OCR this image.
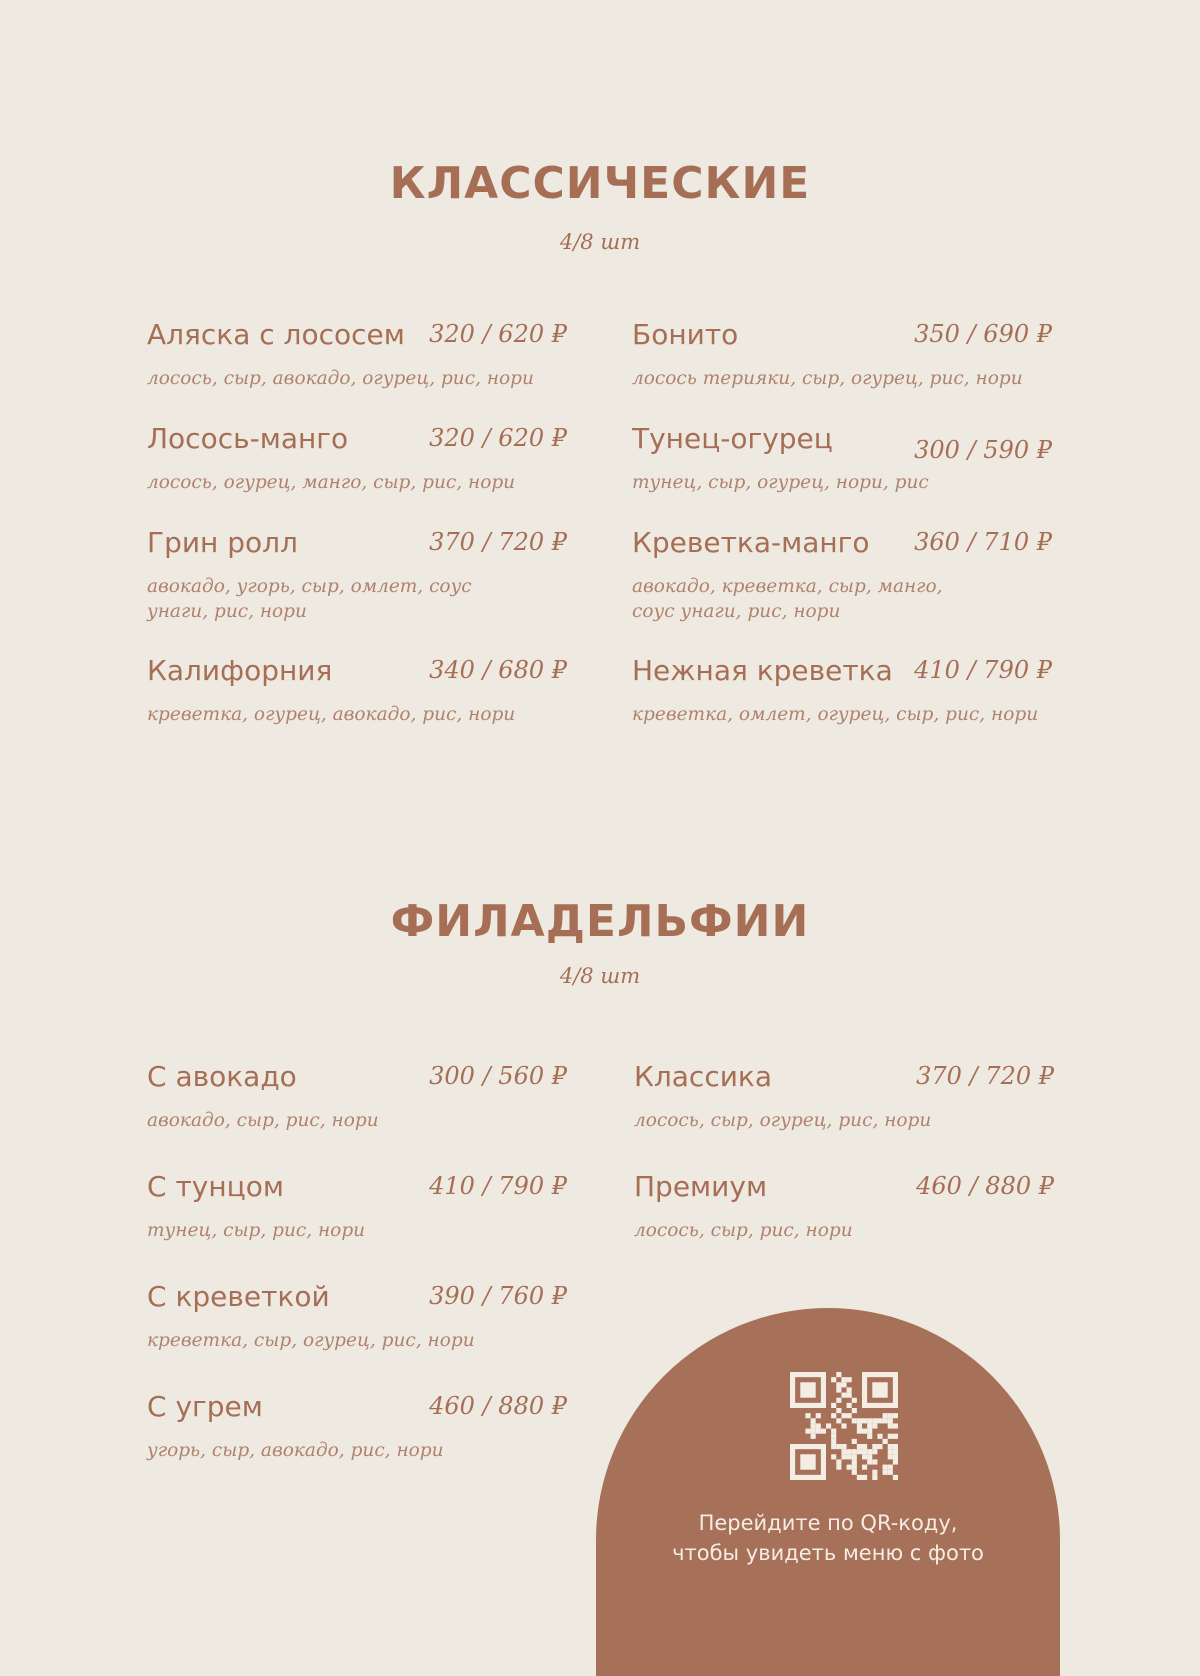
КЛАССИЧЕСКИЕ
4/8 шт
Аляска с лососем 320 / 620 ₽
лосось, сыр, авокадо, огурец, рис, нори
Бонито	350 / 690 ₽
лосось терияки, сыр, огурец, рис, нори
Лосось-манго	320 / 620 ₽
лосось, огурец, манго, сыр, рис, нори
Тунец-огурец	300 / 590 ₽
тунец, сыр, огурец, нори, рис
Грин ролл	370 / 720 ₽
авокадо, угорь, сыр, омлет, соус унаги, рис, нори
Креветка-манго 360 / 710 ₽
авокадо, креветка, сыр, манго, соус унаги, рис, нори
Калифорния	340 / 680 ₽
креветка, огурец, авокадо, рис, нори
Нежная креветка 410 / 790 ₽
креветка, омлет, огурец, сыр, рис, нори
ФИЛАДЕЛЬФИИ
4/8 шт
С авокадо	300 / 560 ₽
авокадо, сыр, рис, нори
Классика	370 / 720 ₽
лосось, сыр, огурец, рис, нори
С тунцом	410 / 790 ₽
тунец, сыр, рис, нори
Премиум	460 / 880 ₽
лосось, сыр, рис, нори
С креветкой	390 / 760 ₽
креветка, сыр, огурец, рис, нори
С угрем	460 / 880 ₽
угорь, сыр, авокадо, рис, нори
Перейдите по QR-коду,
чтобы увидеть меню с фото
